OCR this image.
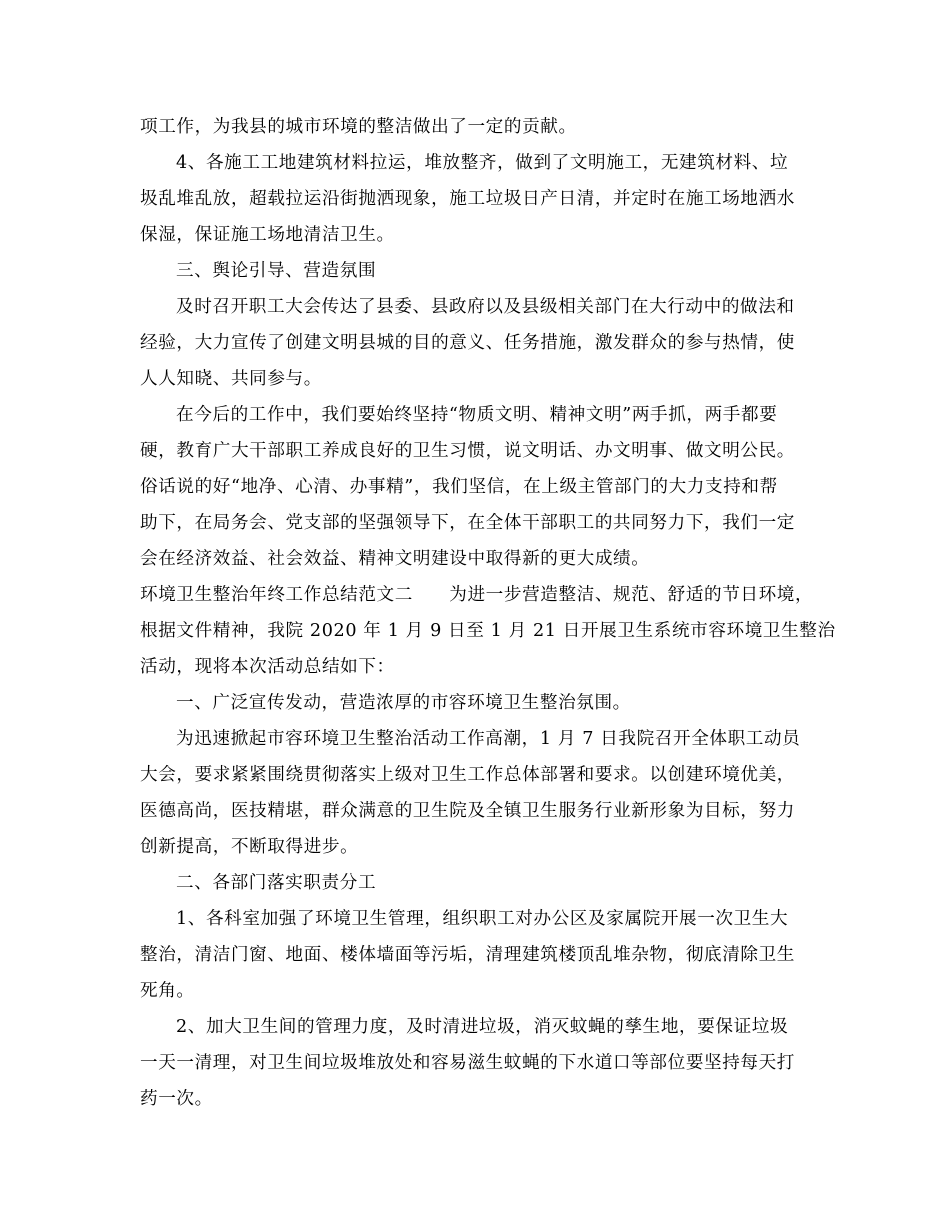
项工作，为我县的城市环境的整洁做出了一定的贡献。
4、各施工工地建筑材料拉运，堆放整齐，做到了文明施工，无建筑材料、垃
圾乱堆乱放，超载拉运沿街抛洒现象，施工垃圾日产日清，并定时在施工场地洒水
保湿，保证施工场地清洁卫生。
三、舆论引导、营造氛围
及时召开职工大会传达了县委、县政府以及县级相关部门在大行动中的做法和
经验，大力宣传了创建文明县城的目的意义、任务措施，激发群众的参与热情，使
人人知晓、共同参与。
在今后的工作中，我们要始终坚持“物质文明、精神文明”两手抓，两手都要
硬，教育广大干部职工养成良好的卫生习惯，说文明话、办文明事、做文明公民。
俗话说的好“地净、心清、办事精”，我们坚信，在上级主管部门的大力支持和帮
助下，在局务会、党支部的坚强领导下，在全体干部职工的共同努力下，我们一定
会在经济效益、社会效益、精神文明建设中取得新的更大成绩。
环境卫生整治年终工作总结范文二　　为进一步营造整洁、规范、舒适的节日环境，
根据文件精神，我院 2020 年 1 月 9 日至 1 月 21 日开展卫生系统市容环境卫生整治
活动，现将本次活动总结如下：
一、广泛宣传发动，营造浓厚的市容环境卫生整治氛围。
为迅速掀起市容环境卫生整治活动工作高潮，1 月 7 日我院召开全体职工动员
大会，要求紧紧围绕贯彻落实上级对卫生工作总体部署和要求。以创建环境优美，
医德高尚，医技精堪，群众满意的卫生院及全镇卫生服务行业新形象为目标，努力
创新提高，不断取得进步。
二、各部门落实职责分工
1、各科室加强了环境卫生管理，组织职工对办公区及家属院开展一次卫生大
整治，清洁门窗、地面、楼体墙面等污垢，清理建筑楼顶乱堆杂物，彻底清除卫生
死角。
2、加大卫生间的管理力度，及时清进垃圾，消灭蚊蝇的孳生地，要保证垃圾
一天一清理，对卫生间垃圾堆放处和容易滋生蚊蝇的下水道口等部位要坚持每天打
药一次。
